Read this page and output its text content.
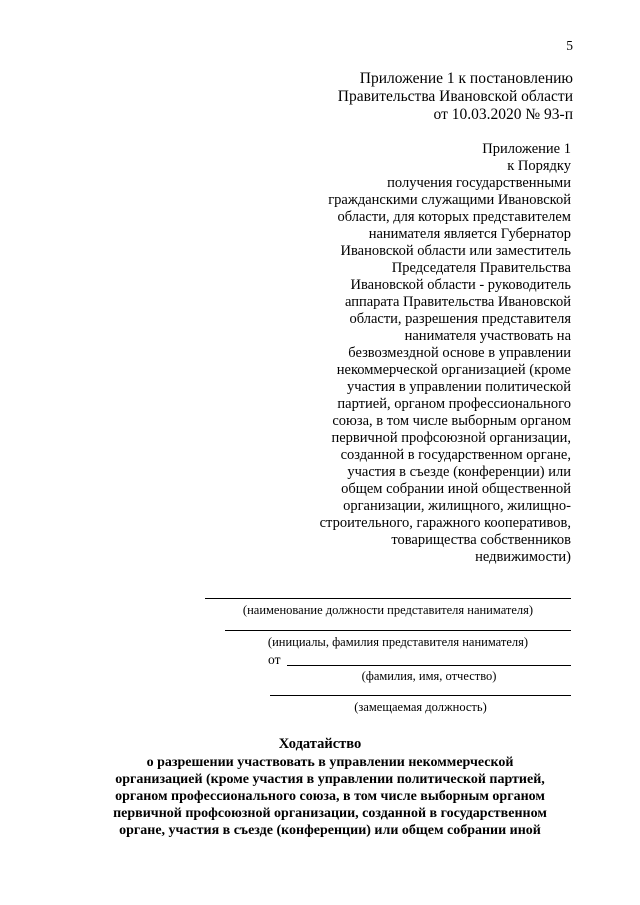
5
Приложение 1 к постановлению
Правительства Ивановской области
от 10.03.2020 № 93-п
Приложение 1
к Порядку
получения государственными
гражданскими служащими Ивановской
области, для которых представителем
нанимателя является Губернатор
Ивановской области или заместитель
Председателя Правительства
Ивановской области - руководитель
аппарата Правительства Ивановской
области, разрешения представителя
нанимателя участвовать на
безвозмездной основе в управлении
некоммерческой организацией (кроме
участия в управлении политической
партией, органом профессионального
союза, в том числе выборным органом
первичной профсоюзной организации,
созданной в государственном органе,
участия в съезде (конференции) или
общем собрании иной общественной
организации, жилищного, жилищно-
строительного, гаражного кооперативов,
товарищества собственников
недвижимости)
(наименование должности представителя нанимателя)
(инициалы, фамилия представителя нанимателя)
от
(фамилия, имя, отчество)
(замещаемая должность)
Ходатайство
о разрешении участвовать в управлении некоммерческой
организацией (кроме участия в управлении политической партией,
органом профессионального союза, в том числе выборным органом
первичной профсоюзной организации, созданной в государственном
органе, участия в съезде (конференции) или общем собрании иной
